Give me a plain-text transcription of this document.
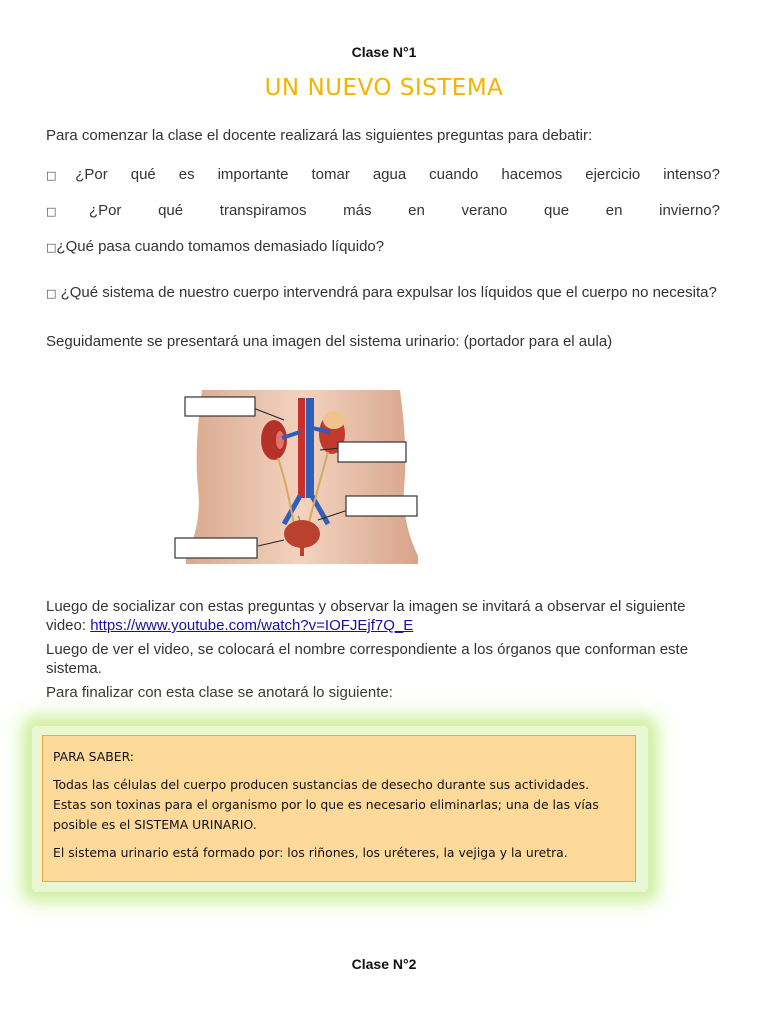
Clase N°1
UN NUEVO SISTEMA
Para comenzar la clase el docente realizará las siguientes preguntas para debatir:
□¿Por qué es importante tomar agua cuando hacemos ejercicio intenso?
□¿Por qué transpiramos más en verano que en invierno?
□¿Qué pasa cuando tomamos demasiado líquido?
□ ¿Qué sistema de nuestro cuerpo intervendrá para expulsar los líquidos que el cuerpo no necesita?
Seguidamente se presentará una imagen del sistema urinario: (portador para el aula)
Luego de socializar con estas preguntas y observar la imagen se invitará a observar el siguiente video: https://www.youtube.com/watch?v=IOFJEjf7Q_E
Luego de ver el video, se colocará el nombre correspondiente a los órganos que conforman este sistema.
Para finalizar con esta clase se anotará lo siguiente:

PARA SABER:

Todas las células del cuerpo producen sustancias de desecho durante sus actividades. Estas son toxinas para el organismo por lo que es necesario eliminarlas; una de las vías posible es el SISTEMA URINARIO.

El sistema urinario está formado por: los riñones, los uréteres, la vejiga y la uretra.

Clase N°2
